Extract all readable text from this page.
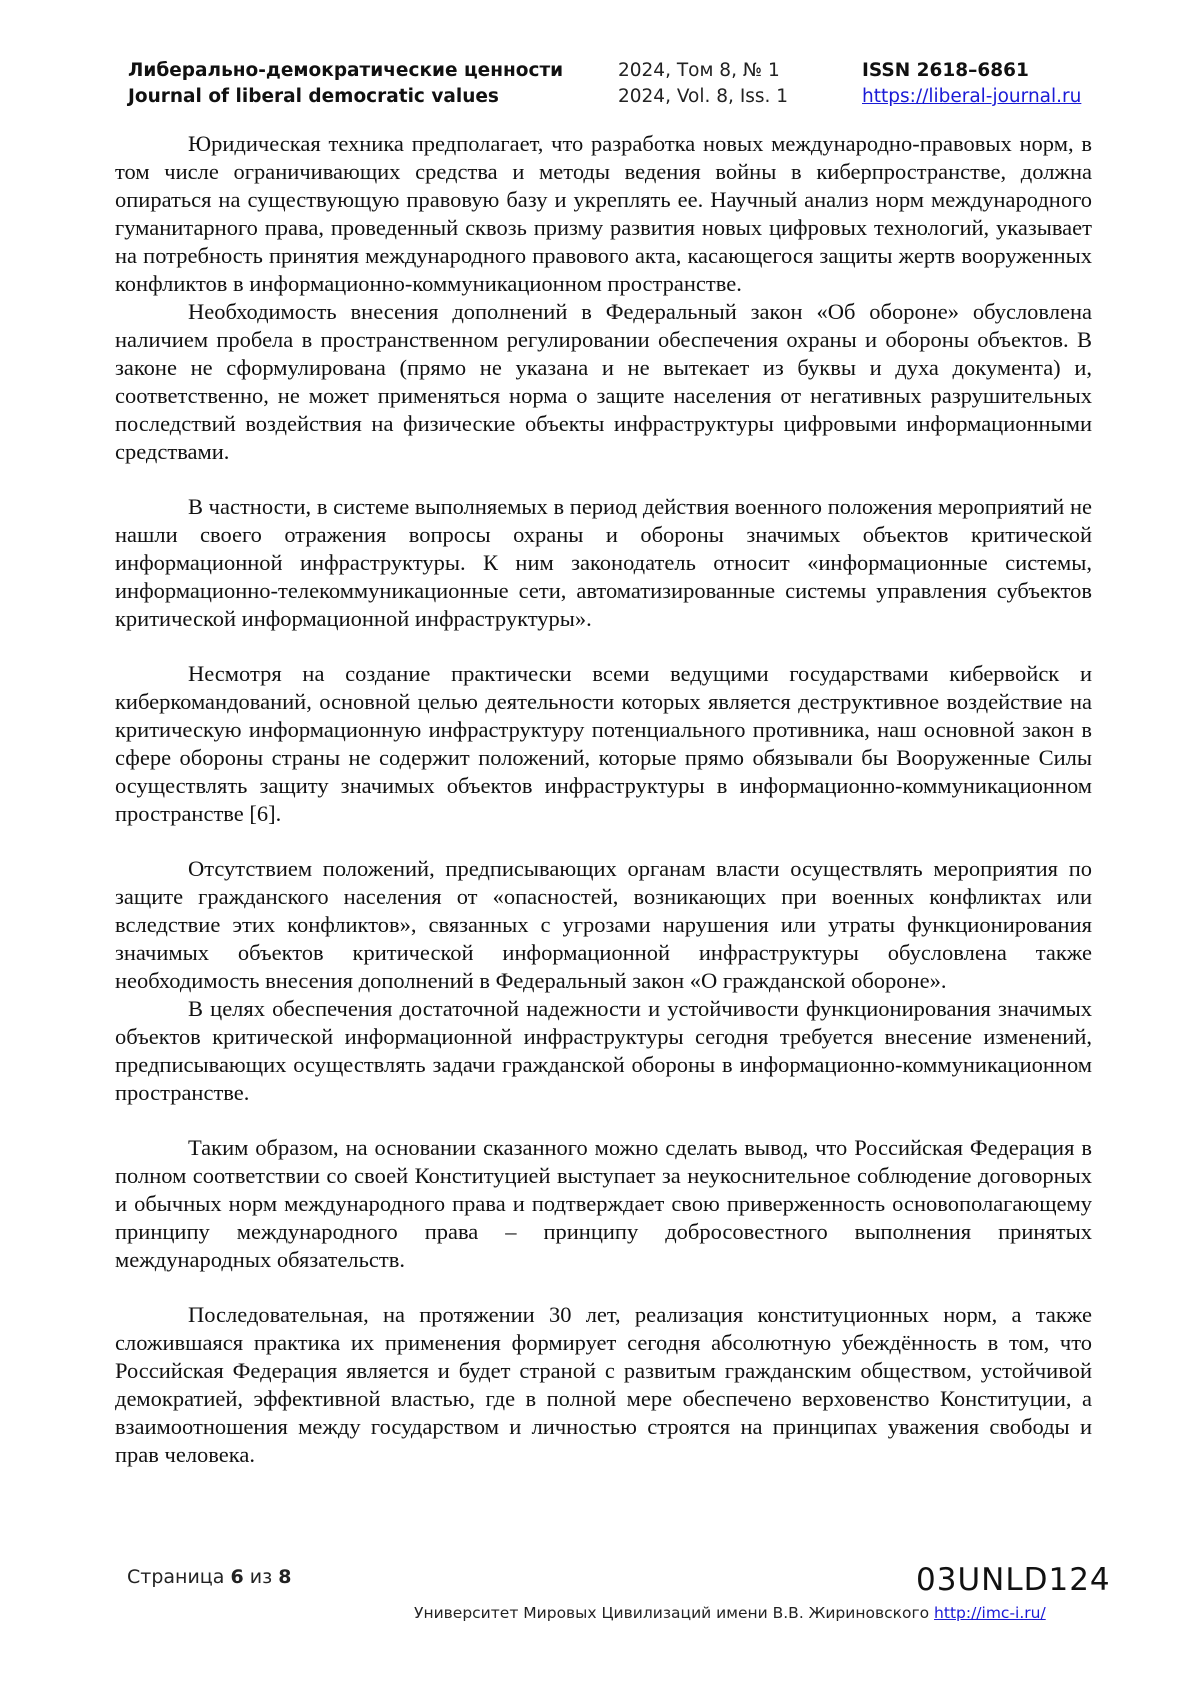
Либерально-демократические ценности
Journal of liberal democratic values
2024, Том 8, № 1
2024, Vol. 8, Iss. 1
ISSN 2618–6861
https://liberal-journal.ru

Юридическая техника предполагает, что разработка новых международно-правовых норм, в том числе ограничивающих средства и методы ведения войны в киберпространстве, должна опираться на существующую правовую базу и укреплять ее. Научный анализ норм международного гуманитарного права, проведенный сквозь призму развития новых цифровых технологий, указывает на потребность принятия международного правового акта, касающегося защиты жертв вооруженных конфликтов в информационно-коммуникационном пространстве.

Необходимость внесения дополнений в Федеральный закон «Об обороне» обусловлена наличием пробела в пространственном регулировании обеспечения охраны и обороны объектов. В законе не сформулирована (прямо не указана и не вытекает из буквы и духа документа) и, соответственно, не может применяться норма о защите населения от негативных разрушительных последствий воздействия на физические объекты инфраструктуры цифровыми информационными средствами.

В частности, в системе выполняемых в период действия военного положения мероприятий не нашли своего отражения вопросы охраны и обороны значимых объектов критической информационной инфраструктуры. К ним законодатель относит «информационные системы, информационно-телекоммуникационные сети, автоматизированные системы управления субъектов критической информационной инфраструктуры».

Несмотря на создание практически всеми ведущими государствами кибервойск и киберкомандований, основной целью деятельности которых является деструктивное воздействие на критическую информационную инфраструктуру потенциального противника, наш основной закон в сфере обороны страны не содержит положений, которые прямо обязывали бы Вооруженные Силы осуществлять защиту значимых объектов инфраструктуры в информационно-коммуникационном пространстве [6].

Отсутствием положений, предписывающих органам власти осуществлять мероприятия по защите гражданского населения от «опасностей, возникающих при военных конфликтах или вследствие этих конфликтов», связанных с угрозами нарушения или утраты функционирования значимых объектов критической информационной инфраструктуры обусловлена также необходимость внесения дополнений в Федеральный закон «О гражданской обороне».

В целях обеспечения достаточной надежности и устойчивости функционирования значимых объектов критической информационной инфраструктуры сегодня требуется внесение изменений, предписывающих осуществлять задачи гражданской обороны в информационно-коммуникационном пространстве.

Таким образом, на основании сказанного можно сделать вывод, что Российская Федерация в полном соответствии со своей Конституцией выступает за неукоснительное соблюдение договорных и обычных норм международного права и подтверждает свою приверженность основополагающему принципу международного права – принципу добросовестного выполнения принятых международных обязательств.

Последовательная, на протяжении 30 лет, реализация конституционных норм, а также сложившаяся практика их применения формирует сегодня абсолютную убеждённость в том, что Российская Федерация является и будет страной с развитым гражданским обществом, устойчивой демократией, эффективной властью, где в полной мере обеспечено верховенство Конституции, а взаимоотношения между государством и личностью строятся на принципах уважения свободы и прав человека.

Страница 6 из 8	03UNLD124
Университет Мировых Цивилизаций имени В.В. Жириновского http://imc-i.ru/
